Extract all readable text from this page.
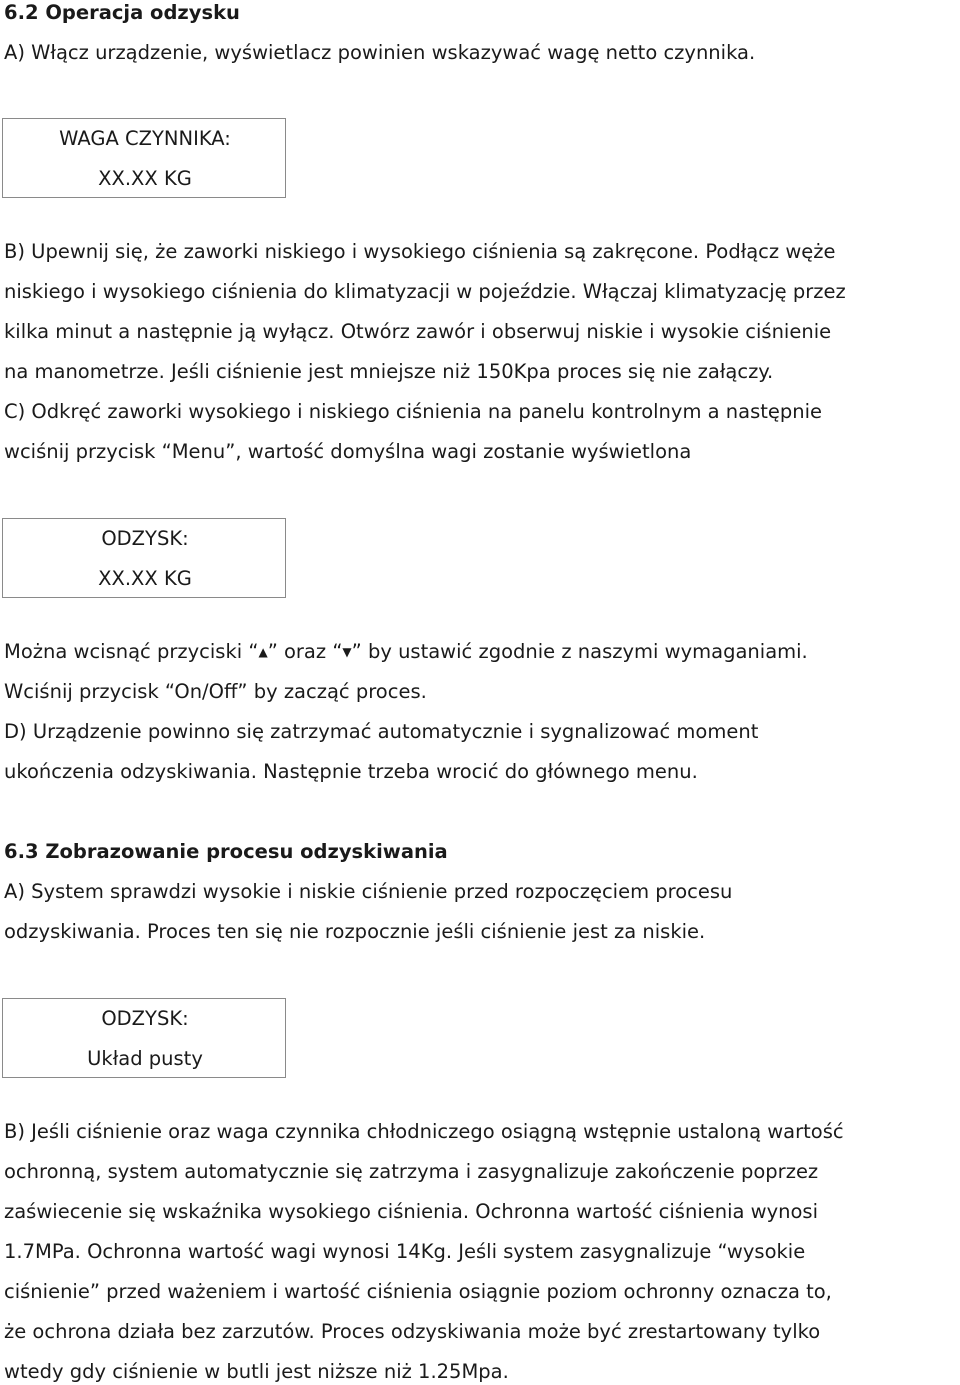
6.2 Operacja odzysku
A) Włącz urządzenie, wyświetlacz powinien wskazywać wagę netto czynnika.
WAGA CZYNNIKA:
XX.XX KG
B) Upewnij się, że zaworki niskiego i wysokiego ciśnienia są zakręcone. Podłącz węże
niskiego i wysokiego ciśnienia do klimatyzacji w pojeździe. Włączaj klimatyzację przez
kilka minut a następnie ją wyłącz. Otwórz zawór i obserwuj niskie i wysokie ciśnienie
na manometrze. Jeśli ciśnienie jest mniejsze niż 150Kpa proces się nie załączy.
C) Odkręć zaworki wysokiego i niskiego ciśnienia na panelu kontrolnym a następnie
wciśnij przycisk “Menu”, wartość domyślna wagi zostanie wyświetlona
ODZYSK:
XX.XX KG
Można wcisnąć przyciski “▲” oraz “▼” by ustawić zgodnie z naszymi wymaganiami.
Wciśnij przycisk “On/Off” by zacząć proces.
D) Urządzenie powinno się zatrzymać automatycznie i sygnalizować moment
ukończenia odzyskiwania. Następnie trzeba wrocić do głównego menu.
6.3 Zobrazowanie procesu odzyskiwania
A) System sprawdzi wysokie i niskie ciśnienie przed rozpoczęciem procesu
odzyskiwania. Proces ten się nie rozpocznie jeśli ciśnienie jest za niskie.
ODZYSK:
Układ pusty
B) Jeśli ciśnienie oraz waga czynnika chłodniczego osiągną wstępnie ustaloną wartość
ochronną, system automatycznie się zatrzyma i zasygnalizuje zakończenie poprzez
zaświecenie się wskaźnika wysokiego ciśnienia. Ochronna wartość ciśnienia wynosi
1.7MPa. Ochronna wartość wagi wynosi 14Kg. Jeśli system zasygnalizuje “wysokie
ciśnienie” przed ważeniem i wartość ciśnienia osiągnie poziom ochronny oznacza to,
że ochrona działa bez zarzutów. Proces odzyskiwania może być zrestartowany tylko
wtedy gdy ciśnienie w butli jest niższe niż 1.25Mpa.
